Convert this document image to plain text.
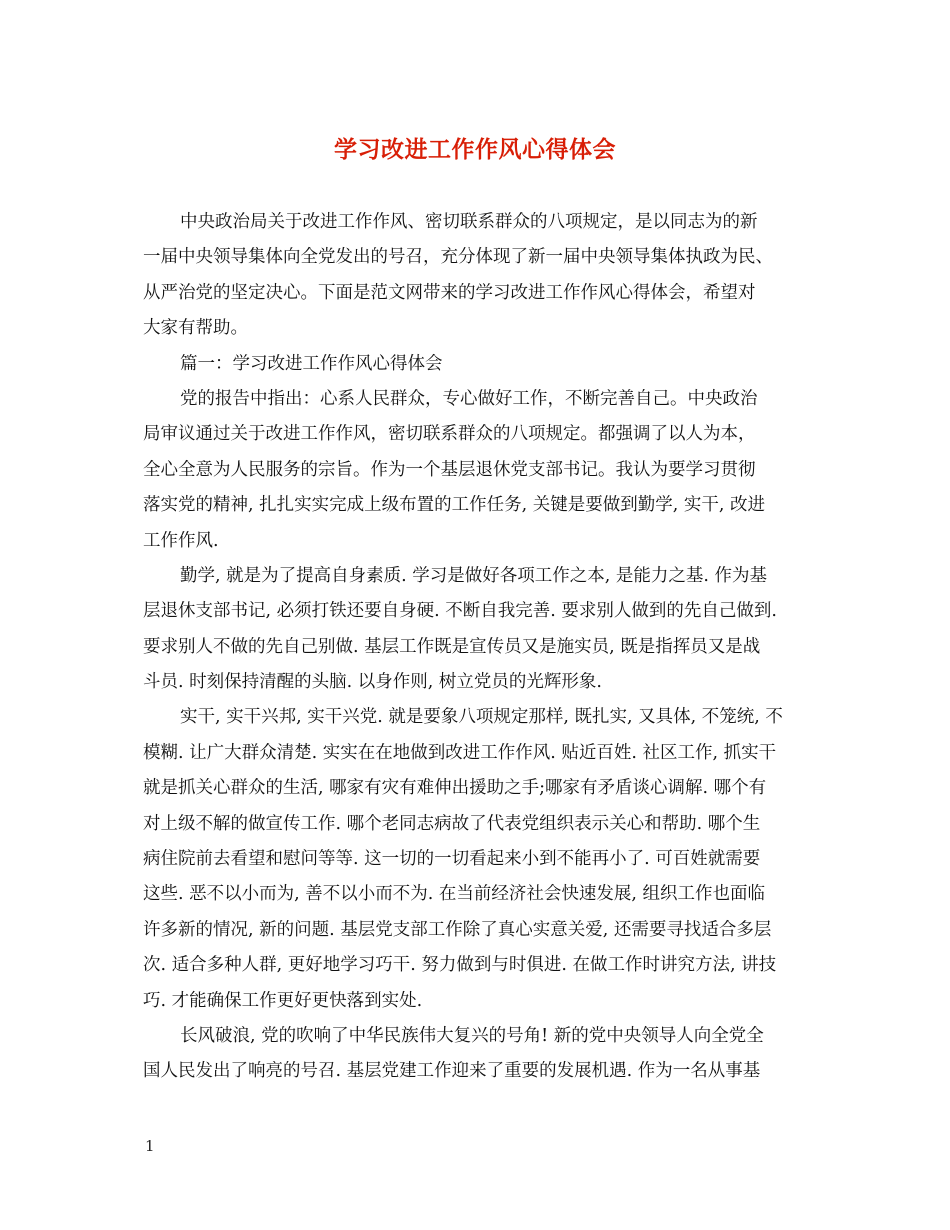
学习改进工作作风心得体会
中央政治局关于改进工作作风、密切联系群众的八项规定，是以同志为的新
一届中央领导集体向全党发出的号召，充分体现了新一届中央领导集体执政为民、
从严治党的坚定决心。下面是范文网带来的学习改进工作作风心得体会，希望对
大家有帮助。
篇一：学习改进工作作风心得体会
党的报告中指出：心系人民群众，专心做好工作，不断完善自己。中央政治
局审议通过关于改进工作作风，密切联系群众的八项规定。都强调了以人为本，
全心全意为人民服务的宗旨。作为一个基层退休党支部书记。我认为要学习贯彻
落实党的精神, 扎扎实实完成上级布置的工作任务, 关键是要做到勤学, 实干, 改进
工作作风.
勤学, 就是为了提高自身素质. 学习是做好各项工作之本, 是能力之基. 作为基
层退休支部书记, 必须打铁还要自身硬. 不断自我完善. 要求别人做到的先自己做到.
要求别人不做的先自己别做. 基层工作既是宣传员又是施实员, 既是指挥员又是战
斗员. 时刻保持清醒的头脑. 以身作则, 树立党员的光辉形象.
实干, 实干兴邦, 实干兴党. 就是要象八项规定那样, 既扎实, 又具体, 不笼统, 不
模糊. 让广大群众清楚. 实实在在地做到改进工作作风. 贴近百姓. 社区工作, 抓实干
就是抓关心群众的生活, 哪家有灾有难伸出援助之手;哪家有矛盾谈心调解. 哪个有
对上级不解的做宣传工作. 哪个老同志病故了代表党组织表示关心和帮助. 哪个生
病住院前去看望和慰问等等. 这一切的一切看起来小到不能再小了. 可百姓就需要
这些. 恶不以小而为, 善不以小而不为. 在当前经济社会快速发展, 组织工作也面临
许多新的情况, 新的问题. 基层党支部工作除了真心实意关爱, 还需要寻找适合多层
次. 适合多种人群, 更好地学习巧干. 努力做到与时俱进. 在做工作时讲究方法, 讲技
巧. 才能确保工作更好更快落到实处.
长风破浪, 党的吹响了中华民族伟大复兴的号角! 新的党中央领导人向全党全
国人民发出了响亮的号召. 基层党建工作迎来了重要的发展机遇. 作为一名从事基
1
